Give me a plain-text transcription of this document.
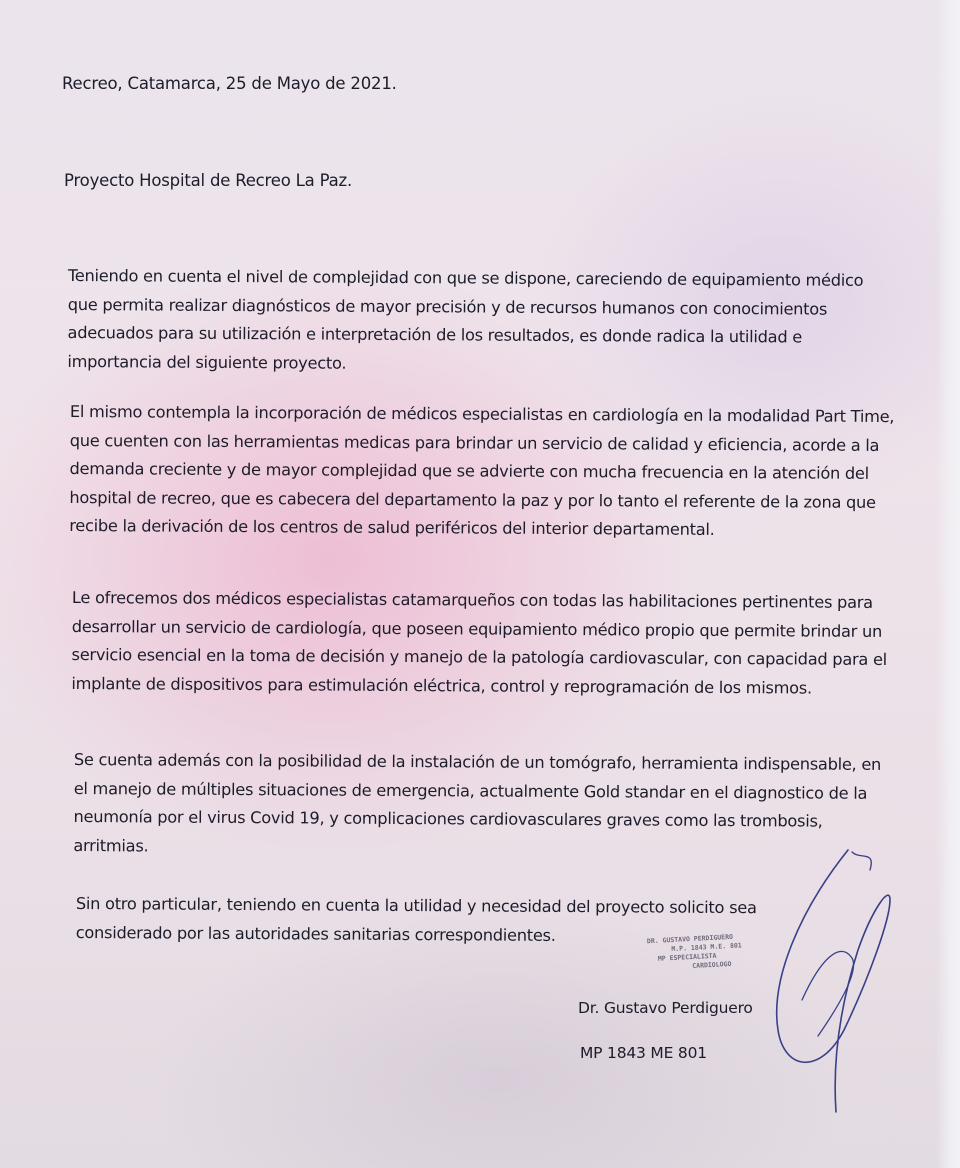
Recreo, Catamarca, 25 de Mayo de 2021.
Proyecto Hospital de Recreo La Paz.
Teniendo en cuenta el nivel de complejidad con que se dispone, careciendo de equipamiento médico que permita realizar diagnósticos de mayor precisión y de recursos humanos con conocimientos adecuados para su utilización e interpretación de los resultados, es donde radica la utilidad e importancia del siguiente proyecto.
El mismo contempla la incorporación de médicos especialistas en cardiología en la modalidad Part Time, que cuenten con las herramientas medicas para brindar un servicio de calidad y eficiencia, acorde a la demanda creciente y de mayor complejidad que se advierte con mucha frecuencia en la atención del hospital de recreo, que es cabecera del departamento la paz y por lo tanto el referente de la zona que recibe la derivación de los centros de salud periféricos del interior departamental.
Le ofrecemos dos médicos especialistas catamarqueños con todas las habilitaciones pertinentes para desarrollar un servicio de cardiología, que poseen equipamiento médico propio que permite brindar un servicio esencial en la toma de decisión y manejo de la patología cardiovascular, con capacidad para el implante de dispositivos para estimulación eléctrica, control y reprogramación de los mismos.
Se cuenta además con la posibilidad de la instalación de un tomógrafo, herramienta indispensable, en el manejo de múltiples situaciones de emergencia, actualmente Gold standar en el diagnostico de la neumonía por el virus Covid 19, y complicaciones cardiovasculares graves como las trombosis, arritmias.
Sin otro particular, teniendo en cuenta la utilidad y necesidad del proyecto solicito sea considerado por las autoridades sanitarias correspondientes.	DR. GUSTAVO PERDIGUERO
M.P. 1843 M.E. 801
MP ESPECIALISTA
CARDIOLOGO
Dr. Gustavo Perdiguero
MP 1843 ME 801
